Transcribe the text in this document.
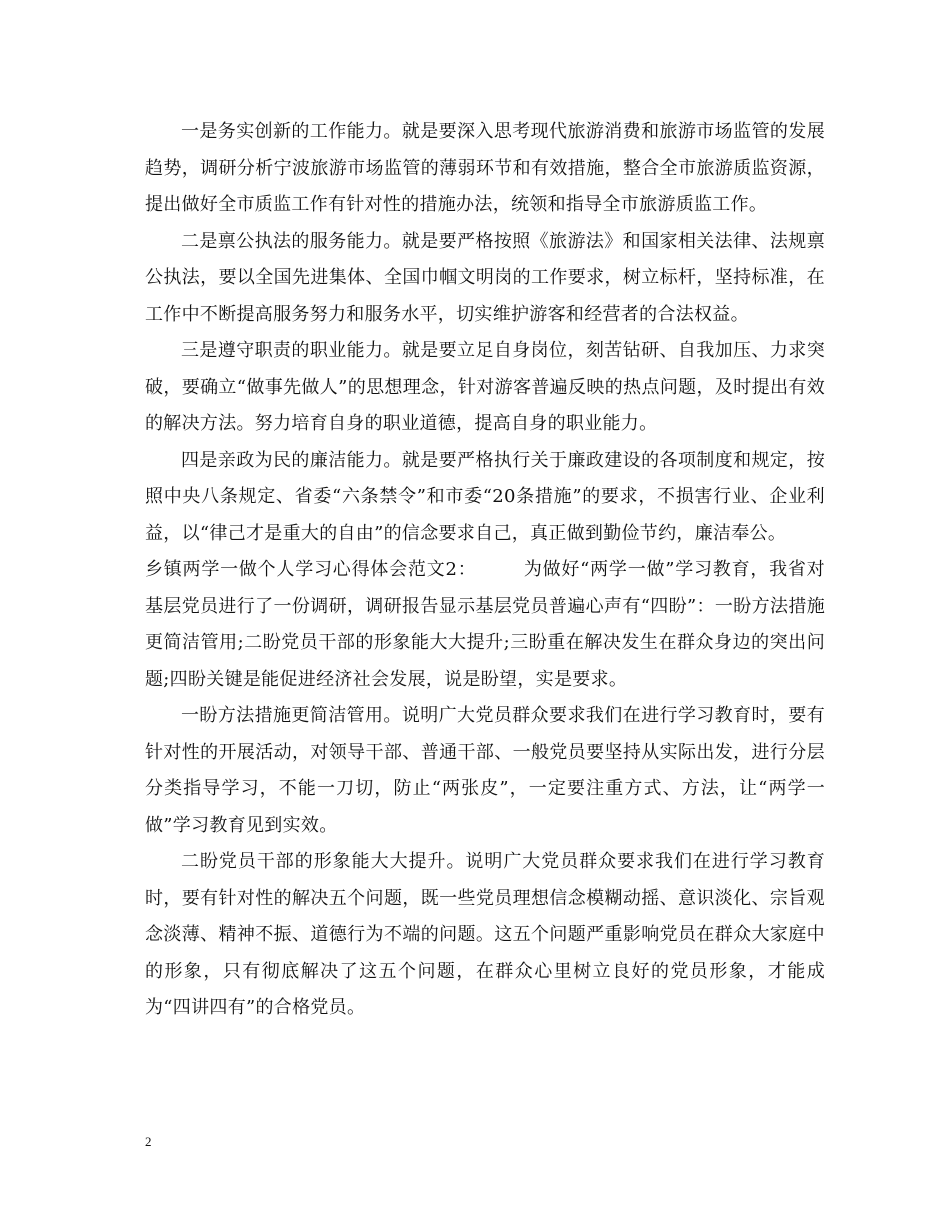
一是务实创新的工作能力。就是要深入思考现代旅游消费和旅游市场监管的发展趋势，调研分析宁波旅游市场监管的薄弱环节和有效措施，整合全市旅游质监资源，提出做好全市质监工作有针对性的措施办法，统领和指导全市旅游质监工作。

二是禀公执法的服务能力。就是要严格按照《旅游法》和国家相关法律、法规禀公执法，要以全国先进集体、全国巾帼文明岗的工作要求，树立标杆，坚持标准，在工作中不断提高服务努力和服务水平，切实维护游客和经营者的合法权益。

三是遵守职责的职业能力。就是要立足自身岗位，刻苦钻研、自我加压、力求突破，要确立“做事先做人”的思想理念，针对游客普遍反映的热点问题，及时提出有效的解决方法。努力培育自身的职业道德，提高自身的职业能力。

四是亲政为民的廉洁能力。就是要严格执行关于廉政建设的各项制度和规定，按照中央八条规定、省委“六条禁令”和市委“20条措施”的要求，不损害行业、企业利益，以“律己才是重大的自由”的信念要求自己，真正做到勤俭节约，廉洁奉公。

乡镇两学一做个人学习心得体会范文2：　　　为做好“两学一做”学习教育，我省对基层党员进行了一份调研，调研报告显示基层党员普遍心声有“四盼”：一盼方法措施更简洁管用;二盼党员干部的形象能大大提升;三盼重在解决发生在群众身边的突出问题;四盼关键是能促进经济社会发展，说是盼望，实是要求。

一盼方法措施更简洁管用。说明广大党员群众要求我们在进行学习教育时，要有针对性的开展活动，对领导干部、普通干部、一般党员要坚持从实际出发，进行分层分类指导学习，不能一刀切，防止“两张皮”，一定要注重方式、方法，让“两学一做”学习教育见到实效。

二盼党员干部的形象能大大提升。说明广大党员群众要求我们在进行学习教育时，要有针对性的解决五个问题，既一些党员理想信念模糊动摇、意识淡化、宗旨观念淡薄、精神不振、道德行为不端的问题。这五个问题严重影响党员在群众大家庭中的形象，只有彻底解决了这五个问题，在群众心里树立良好的党员形象，才能成为“四讲四有”的合格党员。

2
